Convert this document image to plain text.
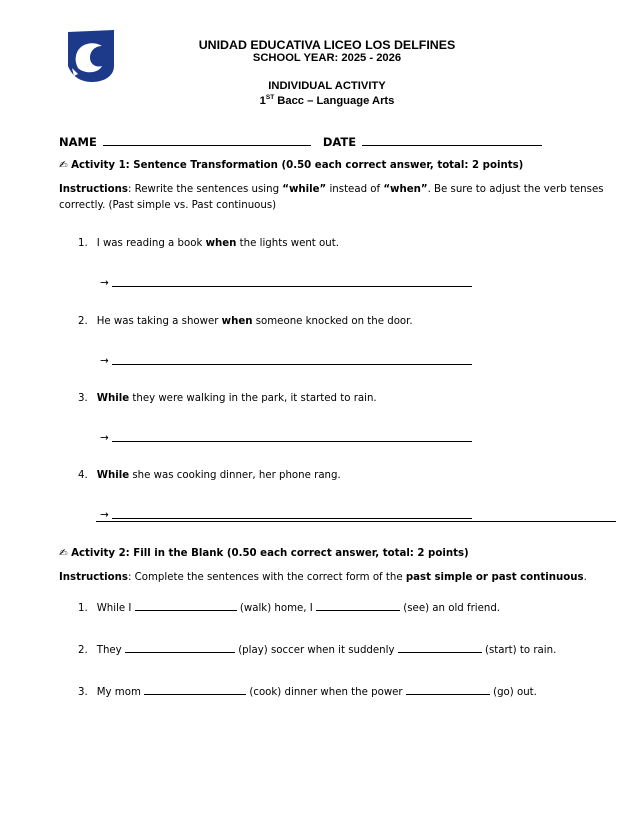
UNIDAD EDUCATIVA LICEO LOS DELFINES
SCHOOL YEAR: 2025 - 2026
INDIVIDUAL ACTIVITY
1ST Bacc – Language Arts
NAME	DATE
✍ Activity 1: Sentence Transformation (0.50 each correct answer, total: 2 points)
Instructions: Rewrite the sentences using “while” instead of “when”. Be sure to adjust the verb tenses
correctly. (Past simple vs. Past continuous)
1. I was reading a book when the lights went out.
→
2. He was taking a shower when someone knocked on the door.
→
3. While they were walking in the park, it started to rain.
→
4. While she was cooking dinner, her phone rang.
→
✍ Activity 2: Fill in the Blank (0.50 each correct answer, total: 2 points)
Instructions: Complete the sentences with the correct form of the past simple or past continuous.
1. While I	(walk) home, I	(see) an old friend.
2. They	(play) soccer when it suddenly	(start) to rain.
3. My mom	(cook) dinner when the power	(go) out.
